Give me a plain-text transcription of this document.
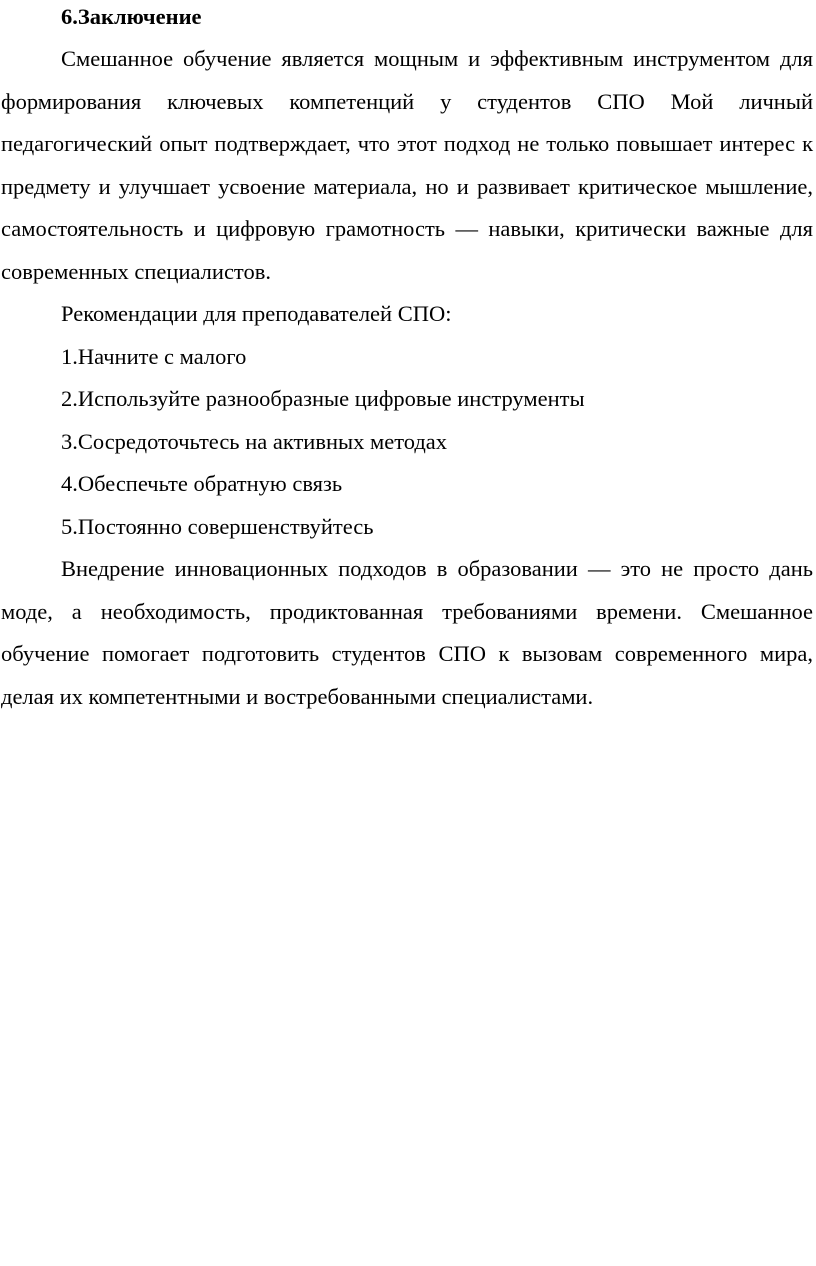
6.Заключение

Смешанное обучение является мощным и эффективным инструментом для формирования ключевых компетенций у студентов СПО Мой личный педагогический опыт подтверждает, что этот подход не только повышает интерес к предмету и улучшает усвоение материала, но и развивает критическое мышление, самостоятельность и цифровую грамотность — навыки, критически важные для современных специалистов.

Рекомендации для преподавателей СПО:

1.Начните с малого
2.Используйте разнообразные цифровые инструменты
3.Сосредоточьтесь на активных методах
4.Обеспечьте обратную связь
5.Постоянно совершенствуйтесь

Внедрение инновационных подходов в образовании — это не просто дань моде, а необходимость, продиктованная требованиями времени. Смешанное обучение помогает подготовить студентов СПО к вызовам современного мира, делая их компетентными и востребованными специалистами.
